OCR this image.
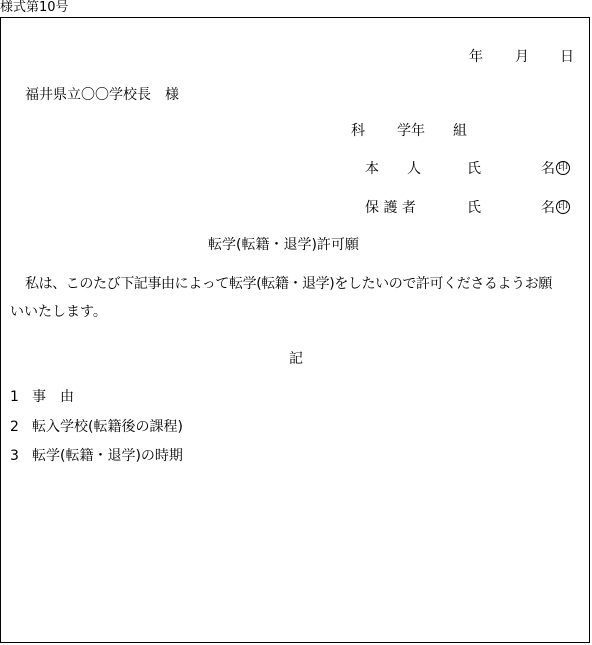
様式第10号
年 月 日
福井県立〇〇学校長　様
科 学年 組
本　　人	氏	名 印
保 護 者	氏	名 印
転学(転籍・退学)許可願
私は、このたび下記事由によって転学(転籍・退学)をしたいので許可くださるようお願
いいたします。
記
1 事　由
2 転入学校(転籍後の課程)
3 転学(転籍・退学)の時期
